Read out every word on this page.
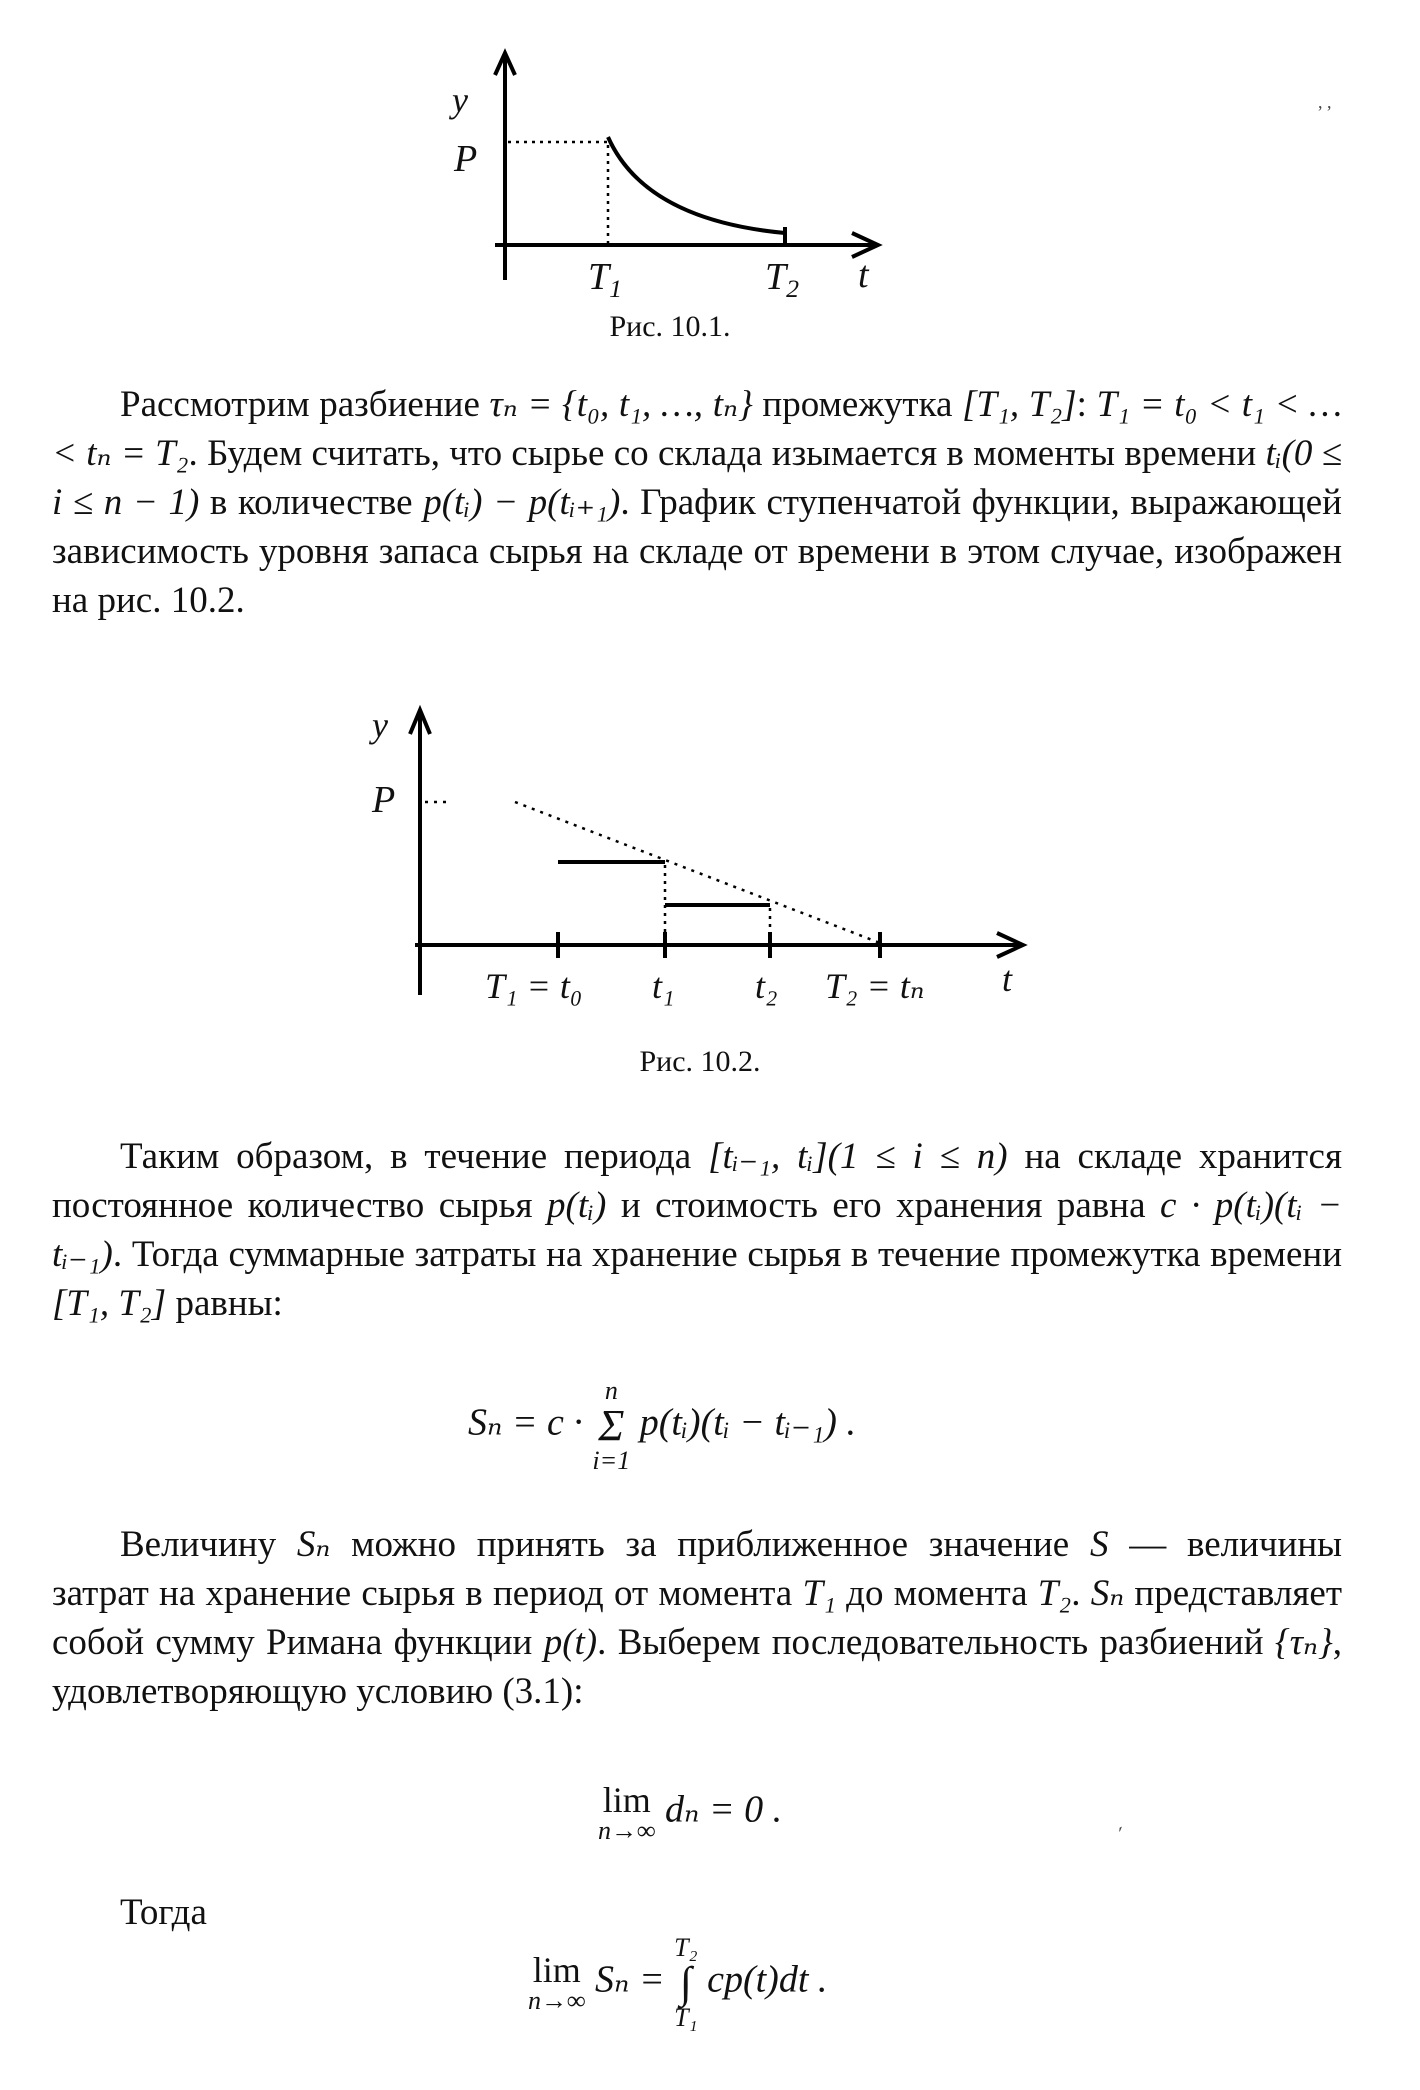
y
P
$T_1$	$T_2$ t
Рис. 10.1.
, ,
Рассмотрим разбиение τₙ = {t₀, t₁, …, tₙ} промежутка [T₁, T₂]: T₁ = t₀ < t₁ < … < tₙ = T₂. Будем считать, что сырье со склада изымается в моменты времени tᵢ(0 ≤ i ≤ n − 1) в количестве p(tᵢ) − p(tᵢ₊₁). График ступенчатой функции, выражающей зависимость уровня запаса сырья на складе от времени в этом случае, изображен на рис. 10.2.
y
P
T₁ = t₀ t₁ t₂ T₂ = tₙ t
Рис. 10.2.
Таким образом, в течение периода [tᵢ₋₁, tᵢ](1 ≤ i ≤ n) на складе хранится постоянное количество сырья p(tᵢ) и стоимость его хранения равна c · p(tᵢ)(tᵢ − tᵢ₋₁). Тогда суммарные затраты на хранение сырья в течение промежутка времени [T₁, T₂] равны:
Sₙ = c ·
n
Σ
i=1
p(tᵢ)(tᵢ − tᵢ₋₁) .
Величину Sₙ можно принять за приближенное значение S — величины затрат на хранение сырья в период от момента T₁ до момента T₂. Sₙ представляет собой сумму Римана функции p(t). Выберем последовательность разбиений {τₙ}, удовлетворяющую условию (3.1):
lim
n→∞ dₙ = 0 .
´
Тогда
lim
n→∞ Sₙ =
T₂
∫
T₁
cp(t)dt .
